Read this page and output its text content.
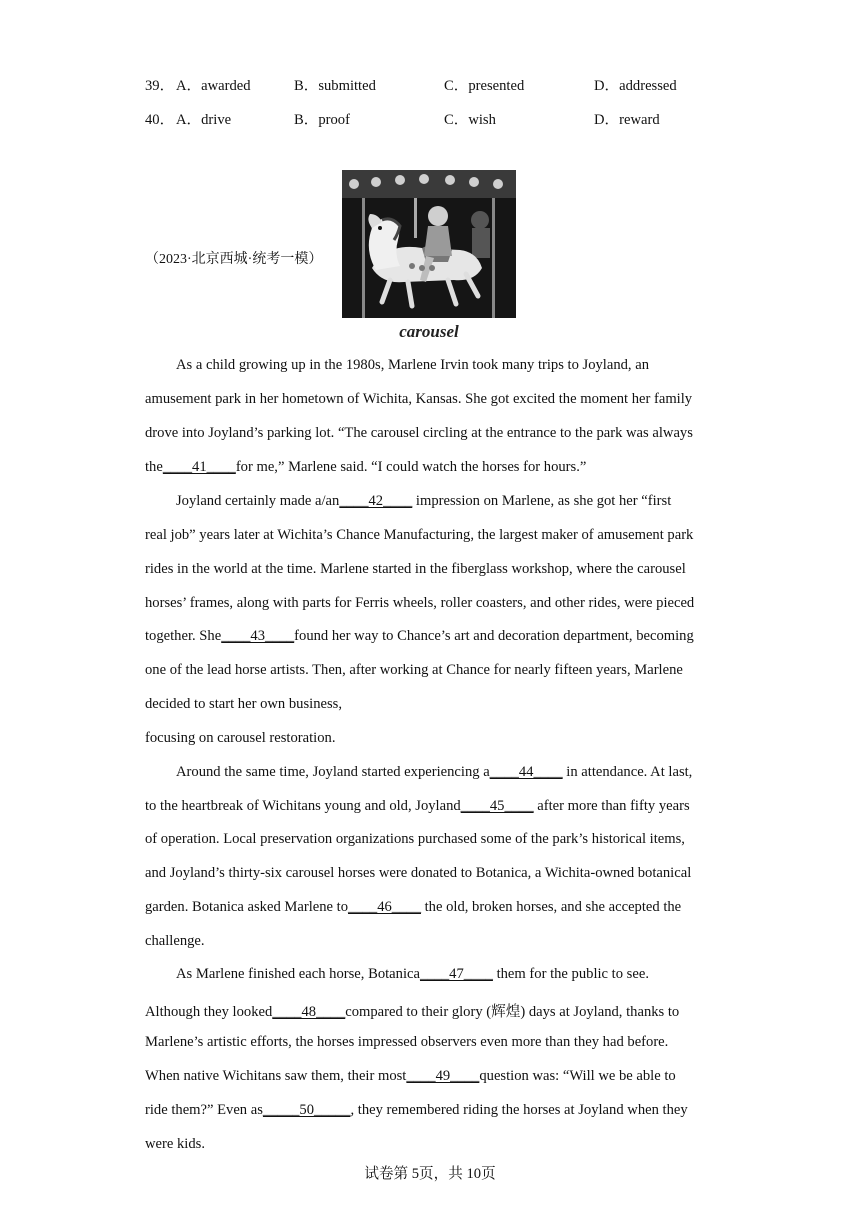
39． A．awarded	B．submitted	C．presented	D．addressed
40． A．drive	B．proof	C．wish	D．reward
（2023·北京西城·统考一模）
carousel
As a child growing up in the 1980s, Marlene Irvin took many trips to Joyland, an
amusement park in her hometown of Wichita, Kansas. She got excited the moment her family
drove into Joyland’s parking lot. “The carousel circling at the entrance to the park was always
the____41____for me,” Marlene said. “I could watch the horses for hours.”
Joyland certainly made a/an____42____ impression on Marlene, as she got her “first
real job” years later at Wichita’s Chance Manufacturing, the largest maker of amusement park
rides in the world at the time. Marlene started in the fiberglass workshop, where the carousel
horses’ frames, along with parts for Ferris wheels, roller coasters, and other rides, were pieced
together. She____43____found her way to Chance’s art and decoration department, becoming
one of the lead horse artists. Then, after working at Chance for nearly fifteen years, Marlene
decided to start her own business,
focusing on carousel restoration.
Around the same time, Joyland started experiencing a____44____ in attendance. At last,
to the heartbreak of Wichitans young and old, Joyland____45____ after more than fifty years
of operation. Local preservation organizations purchased some of the park’s historical items,
and Joyland’s thirty-six carousel horses were donated to Botanica, a Wichita-owned botanical
garden. Botanica asked Marlene to____46____ the old, broken horses, and she accepted the
challenge.
As Marlene finished each horse, Botanica____47____ them for the public to see.
Although they looked____48____compared to their glory (辉煌) days at Joyland, thanks to
Marlene’s artistic efforts, the horses impressed observers even more than they had before.
When native Wichitans saw them, their most____49____question was: “Will we be able to
ride them?” Even as_____50_____, they remembered riding the horses at Joyland when they
were kids.
试卷第 5页，共 10页
